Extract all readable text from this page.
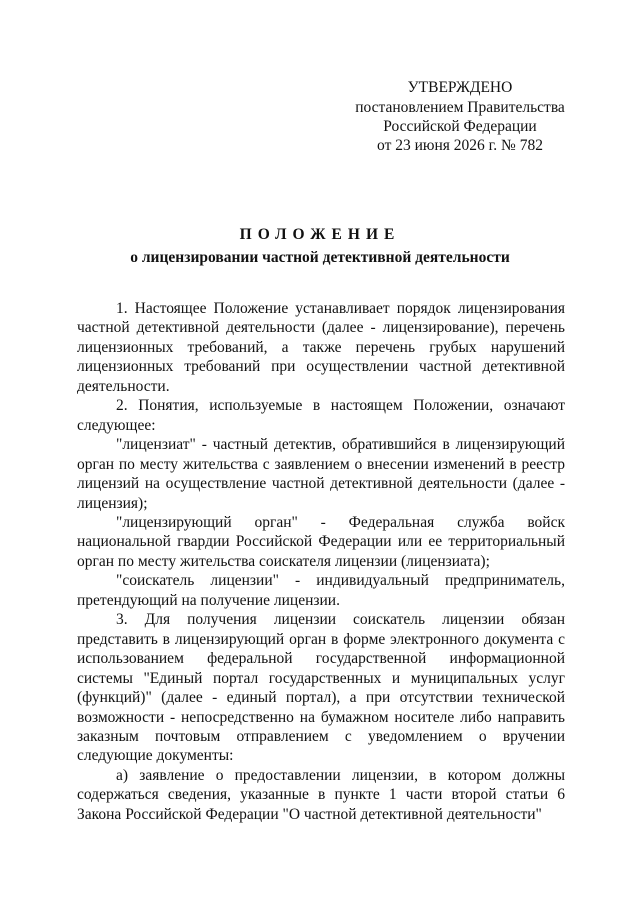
УТВЕРЖДЕНО
постановлением Правительства
Российской Федерации
от 23 июня 2026 г. № 782
ПОЛОЖЕНИЕ
о лицензировании частной детективной деятельности

1. Настоящее Положение устанавливает порядок лицензирования частной детективной деятельности (далее - лицензирование), перечень лицензионных требований, а также перечень грубых нарушений лицензионных требований при осуществлении частной детективной деятельности.

2. Понятия, используемые в настоящем Положении, означают следующее:

"лицензиат" - частный детектив, обратившийся в лицензирующий орган по месту жительства с заявлением о внесении изменений в реестр лицензий на осуществление частной детективной деятельности (далее - лицензия);

"лицензирующий орган" - Федеральная служба войск национальной гвардии Российской Федерации или ее территориальный орган по месту жительства соискателя лицензии (лицензиата);

"соискатель лицензии" - индивидуальный предприниматель, претендующий на получение лицензии.

3. Для получения лицензии соискатель лицензии обязан представить в лицензирующий орган в форме электронного документа с использованием федеральной государственной информационной системы "Единый портал государственных и муниципальных услуг (функций)" (далее - единый портал), а при отсутствии технической возможности - непосредственно на бумажном носителе либо направить заказным почтовым отправлением с уведомлением о вручении следующие документы:

а) заявление о предоставлении лицензии, в котором должны содержаться сведения, указанные в пункте 1 части второй статьи 6 Закона Российской Федерации "О частной детективной деятельности"
